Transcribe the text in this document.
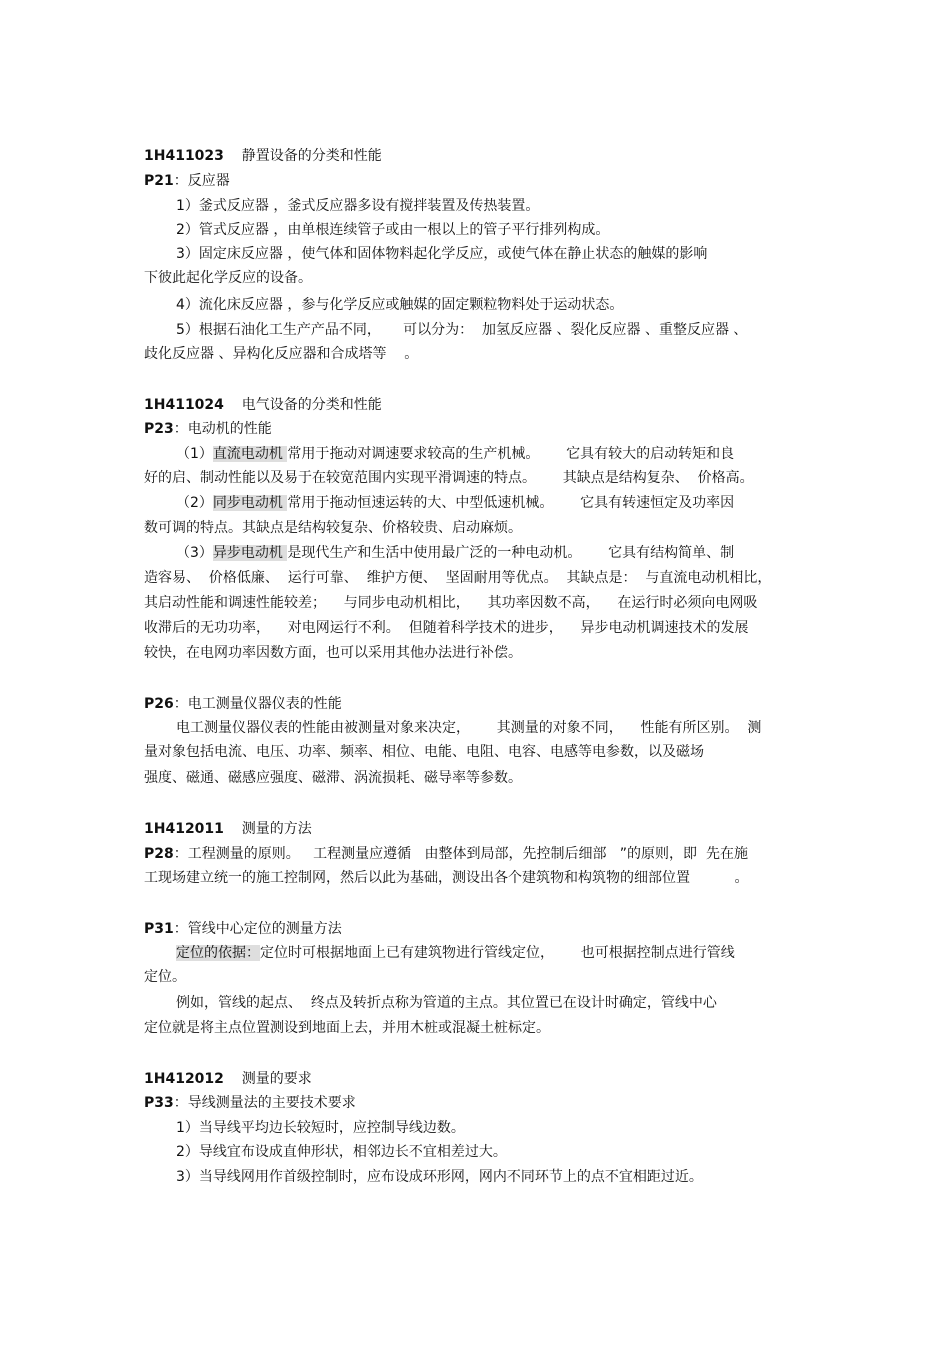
1H411023 静置设备的分类和性能
P21：反应器
1）釜式反应器 ，釜式反应器多设有搅拌装置及传热装置。
2）管式反应器 ，由单根连续管子或由一根以上的管子平行排列构成。
3）固定床反应器 ，使气体和固体物料起化学反应，或使气体在静止状态的触媒的影响
下彼此起化学反应的设备。
4）流化床反应器 ，参与化学反应或触媒的固定颗粒物料处于运动状态。
5）根据石油化工生产产品不同，     可以分为：  加氢反应器 、裂化反应器 、重整反应器 、
歧化反应器 、异构化反应器和合成塔等    。
1H411024 电气设备的分类和性能
P23：电动机的性能
（1）直流电动机 常用于拖动对调速要求较高的生产机械。      它具有较大的启动转矩和良
好的启、制动性能以及易于在较宽范围内实现平滑调速的特点。      其缺点是结构复杂、  价格高。
（2）同步电动机 常用于拖动恒速运转的大、中型低速机械。      它具有转速恒定及功率因
数可调的特点。其缺点是结构较复杂、价格较贵、启动麻烦。
（3）异步电动机 是现代生产和生活中使用最广泛的一种电动机。      它具有结构简单、制
造容易、  价格低廉、  运行可靠、  维护方便、  坚固耐用等优点。  其缺点是：  与直流电动机相比，
其启动性能和调速性能较差；    与同步电动机相比，    其功率因数不高，    在运行时必须向电网吸
收滞后的无功功率，    对电网运行不利。  但随着科学技术的进步，    异步电动机调速技术的发展
较快，在电网功率因数方面，也可以采用其他办法进行补偿。
P26：电工测量仪器仪表的性能
电工测量仪器仪表的性能由被测量对象来决定，      其测量的对象不同，    性能有所区别。  测
量对象包括电流、电压、功率、频率、相位、电能、电阻、电容、电感等电参数，以及磁场
强度、磁通、磁感应强度、磁滞、涡流损耗、磁导率等参数。
1H412011 测量的方法
P28：工程测量的原则。   工程测量应遵循   由整体到局部，先控制后细部   ”的原则，即  先在施
工现场建立统一的施工控制网，然后以此为基础，测设出各个建筑物和构筑物的细部位置          。
P31：管线中心定位的测量方法
定位的依据：定位时可根据地面上已有建筑物进行管线定位，      也可根据控制点进行管线
定位。
例如，管线的起点、  终点及转折点称为管道的主点。其位置已在设计时确定，管线中心
定位就是将主点位置测设到地面上去，并用木桩或混凝土桩标定。
1H412012 测量的要求
P33：导线测量法的主要技术要求
1）当导线平均边长较短时，应控制导线边数。
2）导线宜布设成直伸形状，相邻边长不宜相差过大。
3）当导线网用作首级控制时，应布设成环形网，网内不同环节上的点不宜相距过近。
